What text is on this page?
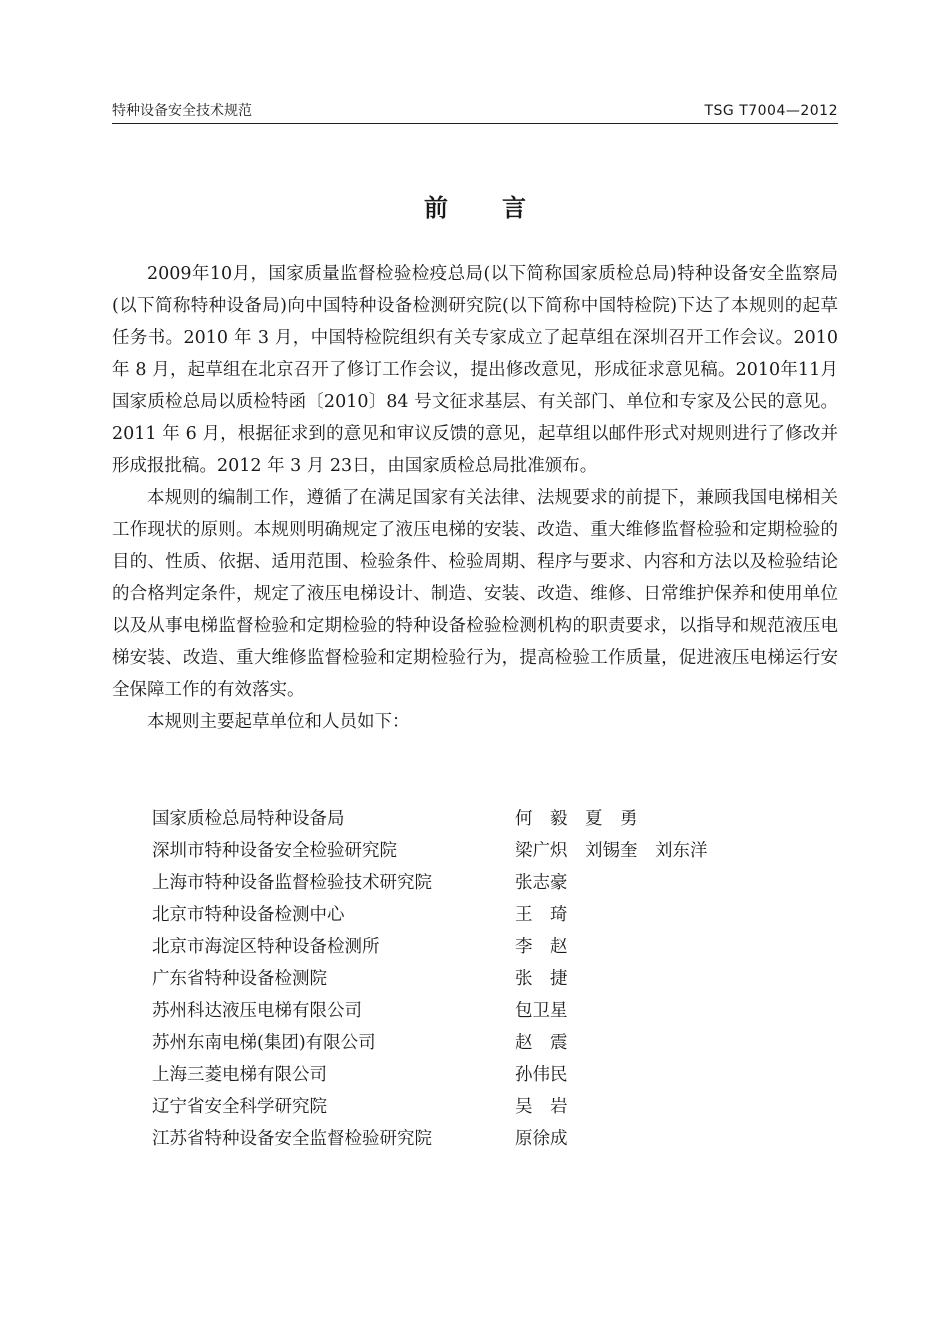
特种设备安全技术规范	TSG T7004—2012
前 言

2009年10月，国家质量监督检验检疫总局(以下简称国家质检总局)特种设备安全监察局(以下简称特种设备局)向中国特种设备检测研究院(以下简称中国特检院)下达了本规则的起草任务书。2010 年 3 月，中国特检院组织有关专家成立了起草组在深圳召开工作会议。2010 年 8 月，起草组在北京召开了修订工作会议，提出修改意见，形成征求意见稿。2010年11月国家质检总局以质检特函〔2010〕84 号文征求基层、有关部门、单位和专家及公民的意见。2011 年 6 月，根据征求到的意见和审议反馈的意见，起草组以邮件形式对规则进行了修改并形成报批稿。2012 年 3 月 23日，由国家质检总局批准颁布。

本规则的编制工作，遵循了在满足国家有关法律、法规要求的前提下，兼顾我国电梯相关工作现状的原则。本规则明确规定了液压电梯的安装、改造、重大维修监督检验和定期检验的目的、性质、依据、适用范围、检验条件、检验周期、程序与要求、内容和方法以及检验结论的合格判定条件，规定了液压电梯设计、制造、安装、改造、维修、日常维护保养和使用单位以及从事电梯监督检验和定期检验的特种设备检验检测机构的职责要求，以指导和规范液压电梯安装、改造、重大维修监督检验和定期检验行为，提高检验工作质量，促进液压电梯运行安全保障工作的有效落实。

本规则主要起草单位和人员如下：

国家质检总局特种设备局	何　毅　夏　勇
深圳市特种设备安全检验研究院	梁广炽　刘锡奎　刘东洋
上海市特种设备监督检验技术研究院	张志豪
北京市特种设备检测中心	王　琦
北京市海淀区特种设备检测所	李　赵
广东省特种设备检测院	张　捷
苏州科达液压电梯有限公司	包卫星
苏州东南电梯(集团)有限公司	赵　震
上海三菱电梯有限公司	孙伟民
辽宁省安全科学研究院	吴　岩
江苏省特种设备安全监督检验研究院	原徐成
